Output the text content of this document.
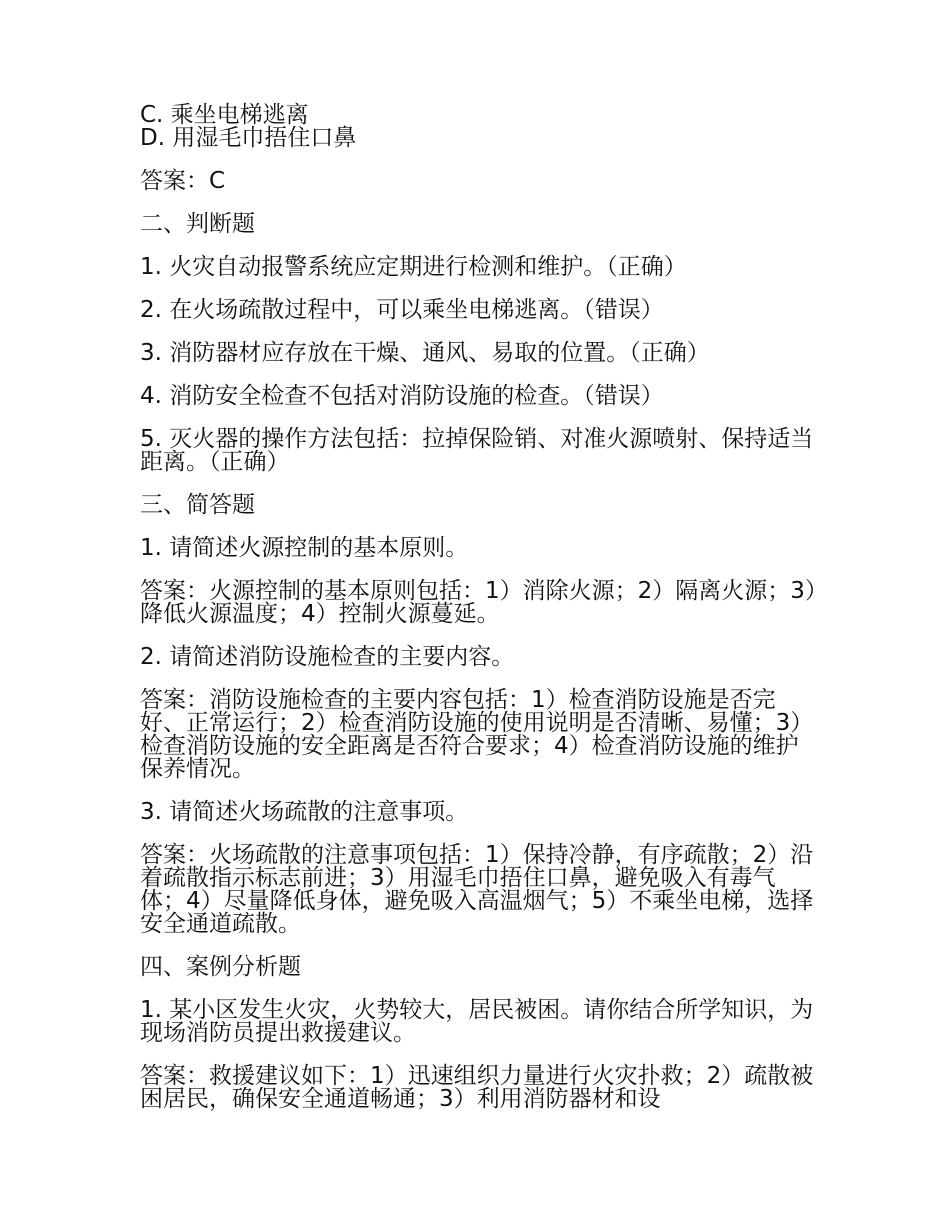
C. 乘坐电梯逃离

D. 用湿毛巾捂住口鼻

答案：C

二、判断题

1. 火灾自动报警系统应定期进行检测和维护。（正确）

2. 在火场疏散过程中，可以乘坐电梯逃离。（错误）

3. 消防器材应存放在干燥、通风、易取的位置。（正确）

4. 消防安全检查不包括对消防设施的检查。（错误）

5. 灭火器的操作方法包括：拉掉保险销、对准火源喷射、保持适当距离。（正确）

三、简答题

1. 请简述火源控制的基本原则。

答案：火源控制的基本原则包括：1）消除火源；2）隔离火源；3）降低火源温度；4）控制火源蔓延。

2. 请简述消防设施检查的主要内容。

答案：消防设施检查的主要内容包括：1）检查消防设施是否完好、正常运行；2）检查消防设施的使用说明是否清晰、易懂；3）检查消防设施的安全距离是否符合要求；4）检查消防设施的维护保养情况。

3. 请简述火场疏散的注意事项。

答案：火场疏散的注意事项包括：1）保持冷静，有序疏散；2）沿着疏散指示标志前进；3）用湿毛巾捂住口鼻，避免吸入有毒气体；4）尽量降低身体，避免吸入高温烟气；5）不乘坐电梯，选择安全通道疏散。

四、案例分析题

1. 某小区发生火灾，火势较大，居民被困。请你结合所学知识，为现场消防员提出救援建议。

答案：救援建议如下：1）迅速组织力量进行火灾扑救；2）疏散被困居民，确保安全通道畅通；3）利用消防器材和设
